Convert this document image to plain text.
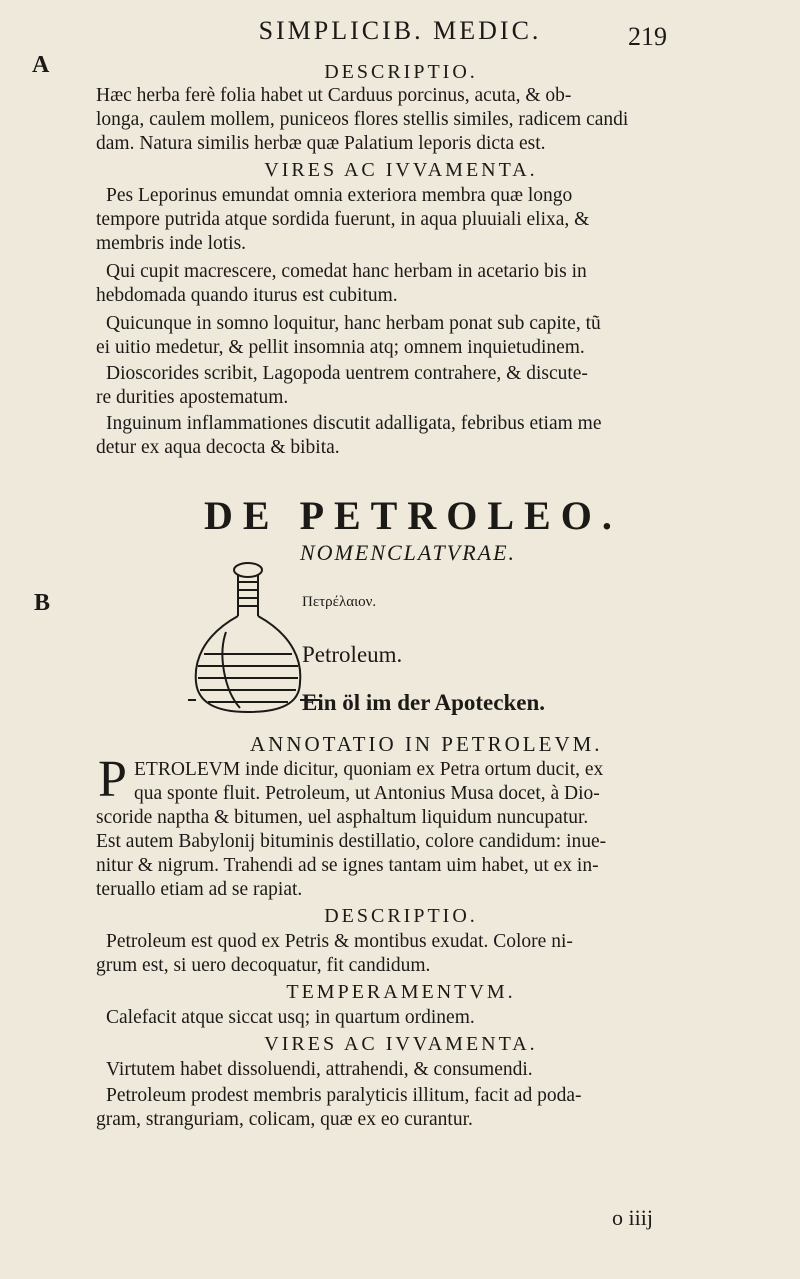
SIMPLICIB. MEDIC.	219
A
B
DESCRIPTIO.
Hæc herba ferè folia habet ut Carduus porcinus, acuta, & ob-
longa, caulem mollem, puniceos flores stellis similes, radicem candi
dam. Natura similis herbæ quæ Palatium leporis dicta est.
VIRES AC IVVAMENTA.
Pes Leporinus emundat omnia exteriora membra quæ longo
tempore putrida atque sordida fuerunt, in aqua pluuiali elixa, &
membris inde lotis.
Qui cupit macrescere, comedat hanc herbam in acetario bis in
hebdomada quando iturus est cubitum.
Quicunque in somno loquitur, hanc herbam ponat sub capite, tũ
ei uitio medetur, & pellit insomnia atq; omnem inquietudinem.
Dioscorides scribit, Lagopoda uentrem contrahere, & discute-
re durities apostematum.
Inguinum inflammationes discutit adalligata, febribus etiam me
detur ex aqua decocta & bibita.
DE PETROLEO.
NOMENCLATVRAE.
Πετρέλαιον.
Petroleum.
Ein öl im der Apotecken.
ANNOTATIO IN PETROLEVM.
P ETROLEVM inde dicitur, quoniam ex Petra ortum ducit, ex
qua sponte fluit. Petroleum, ut Antonius Musa docet, à Dio-
scoride naptha & bitumen, uel asphaltum liquidum nuncupatur.
Est autem Babylonij bituminis destillatio, colore candidum: inue-
nitur & nigrum. Trahendi ad se ignes tantam uim habet, ut ex in-
teruallo etiam ad se rapiat.
DESCRIPTIO.
Petroleum est quod ex Petris & montibus exudat. Colore ni-
grum est, si uero decoquatur, fit candidum.
TEMPERAMENTVM.
Calefacit atque siccat usq; in quartum ordinem.
VIRES AC IVVAMENTA.
Virtutem habet dissoluendi, attrahendi, & consumendi.
Petroleum prodest membris paralyticis illitum, facit ad poda-
gram, stranguriam, colicam, quæ ex eo curantur.
o iiij
